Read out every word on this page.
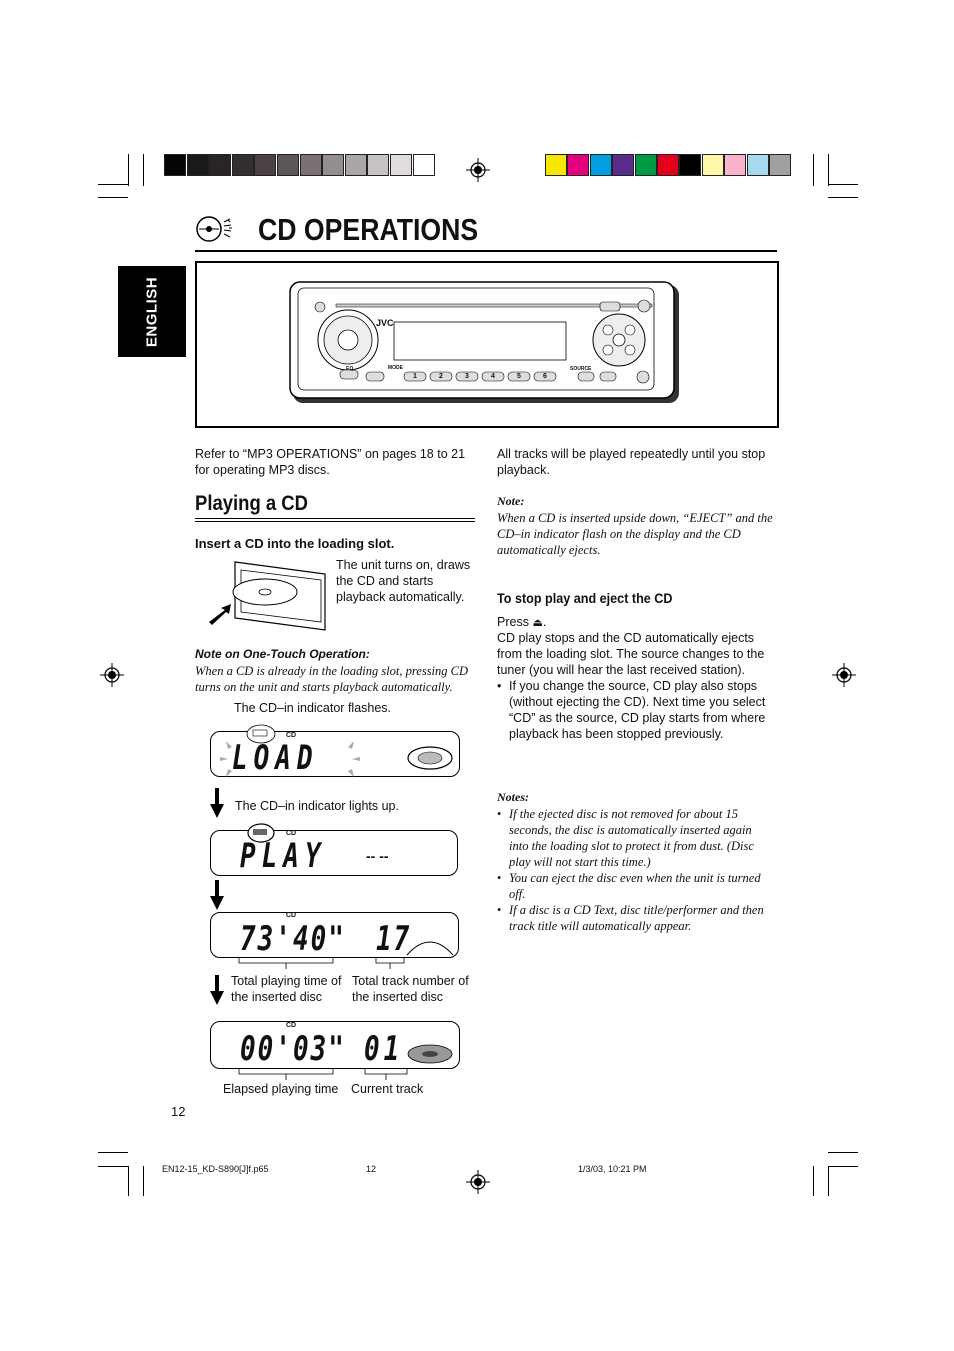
CD OPERATIONS
ENGLISH	JVC
1	2	3	4	5	6
MODE
EQ	SOURCE
Refer to “MP3 OPERATIONS” on pages 18 to 21 for operating MP3 discs.
Playing a CD
Insert a CD into the loading slot.
The unit turns on, draws the CD and starts playback automatically.
Note on One-Touch Operation:
When a CD is already in the loading slot, pressing CD turns on the unit and starts playback automatically.
The CD–in indicator flashes.
CD
LOAD
The CD–in indicator lights up.
CD
PLAY	-- --
CD
73'40" 17
Total playing time of the inserted disc
Total track number of the inserted disc
CD
00'03" 01
Elapsed playing time Current track
All tracks will be played repeatedly until you stop playback.
Note:
When a CD is inserted upside down, “EJECT” and the CD–in indicator flash on the display and the CD automatically ejects.
To stop play and eject the CD
Press ⏏.
CD play stops and the CD automatically ejects from the loading slot. The source changes to the tuner (you will hear the last received station).
• If you change the source, CD play also stops (without ejecting the CD). Next time you select “CD” as the source, CD play starts from where playback has been stopped previously.
Notes:
• If the ejected disc is not removed for about 15 seconds, the disc is automatically inserted again into the loading slot to protect it from dust. (Disc play will not start this time.)
• You can eject the disc even when the unit is turned off.
• If a disc is a CD Text, disc title/performer and then track title will automatically appear.
12
EN12-15_KD-S890[J]f.p65	12	1/3/03, 10:21 PM
